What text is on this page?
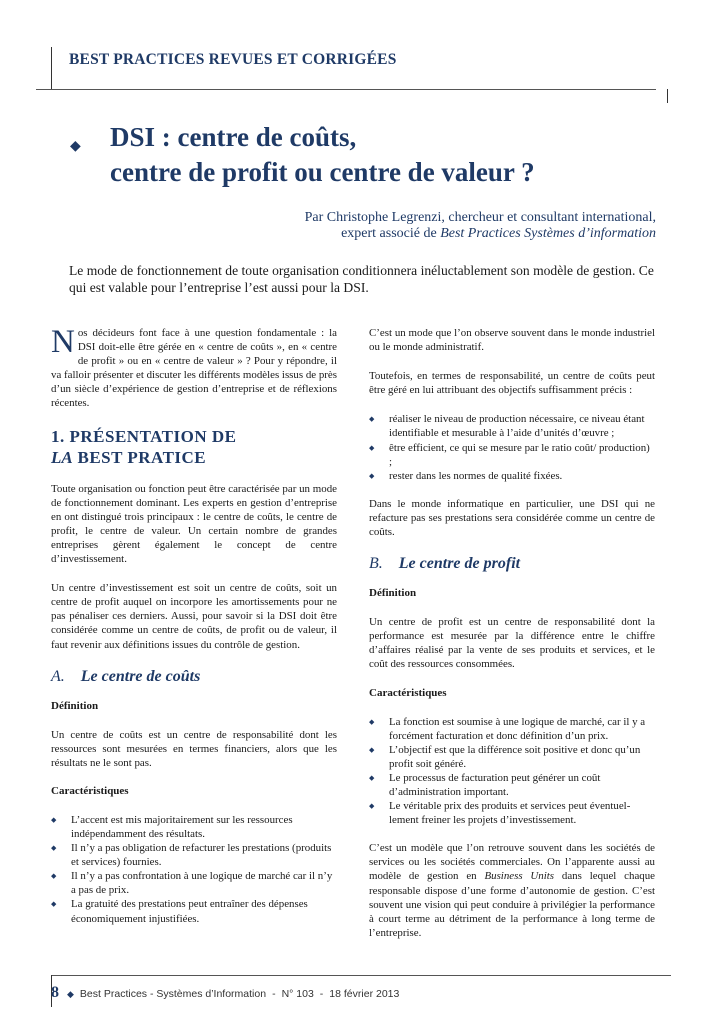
BEST PRACTICES REVUES ET CORRIGÉES
◆ DSI : centre de coûts,
centre de profit ou centre de valeur ?
Par Christophe Legrenzi, chercheur et consultant international,
expert associé de Best Practices Systèmes d’information
Le mode de fonctionnement de toute organisation conditionnera inéluctablement son modèle de gestion. Ce qui est valable pour l’entreprise l’est aussi pour la DSI.

Nos décideurs font face à une question fondamentale : la DSI doit-elle être gérée en « centre de coûts », en « centre de profit » ou en « centre de valeur » ? Pour y répondre, il va falloir présenter et discuter les différents modèles issus de près d’un siècle d’expérience de gestion d’entreprise et de réflexions récentes.

1. PRÉSENTATION DE
LA BEST PRATICE

Toute organisation ou fonction peut être caractérisée par un mode de fonctionnement dominant. Les experts en gestion d’entreprise en ont distingué trois principaux : le centre de coûts, le centre de profit, le centre de valeur. Un certain nombre de grandes entreprises gèrent également le concept de centre d’investissement.

Un centre d’investissement est soit un centre de coûts, soit un centre de profit auquel on incorpore les amortissements pour ne pas pénaliser ces derniers. Aussi, pour savoir si la DSI doit être considérée comme un centre de coûts, de profit ou de valeur, il faut revenir aux définitions issues du contrôle de gestion.

A. Le centre de coûts
Définition

Un centre de coûts est un centre de responsabilité dont les ressources sont mesurées en termes financiers, alors que les résultats ne le sont pas.

Caractéristiques
◆ L’accent est mis majoritairement sur les ressources indépendamment des résultats.
◆ Il n’y a pas obligation de refacturer les prestations (produits et services) fournies.
◆ Il n’y a pas confrontation à une logique de marché car il n’y a pas de prix.
◆ La gratuité des prestations peut entraîner des dépenses économiquement injustifiées.

C’est un mode que l’on observe souvent dans le monde industriel ou le monde administratif.

Toutefois, en termes de responsabilité, un centre de coûts peut être géré en lui attribuant des objectifs suffisamment précis :

◆ réaliser le niveau de production nécessaire, ce niveau étant identifiable et mesurable à l’aide d’unités d’œuvre ;
◆ être efficient, ce qui se mesure par le ratio coût/ production) ;
◆ rester dans les normes de qualité fixées.

Dans le monde informatique en particulier, une DSI qui ne refacture pas ses prestations sera considérée comme un centre de coûts.

B. Le centre de profit
Définition

Un centre de profit est un centre de responsabilité dont la performance est mesurée par la différence entre le chiffre d’affaires réalisé par la vente de ses produits et services, et le coût des ressources consommées.

Caractéristiques
◆ La fonction est soumise à une logique de marché, car il y a forcément facturation et donc définition d’un prix.
◆ L’objectif est que la différence soit positive et donc qu’un profit soit généré.
◆ Le processus de facturation peut générer un coût d’administration important.
◆ Le véritable prix des produits et services peut éventuel-lement freiner les projets d’investissement.

C’est un modèle que l’on retrouve souvent dans les sociétés de services ou les sociétés commerciales. On l’apparente aussi au modèle de gestion en Business Units dans lequel chaque responsable dispose d’une forme d’autonomie de gestion. C’est souvent une vision qui peut conduire à privilégier la performance à court terme au détriment de la performance à long terme de l’entreprise.

8 ◆ Best Practices - Systèmes d’Information - N° 103 - 18 février 2013
